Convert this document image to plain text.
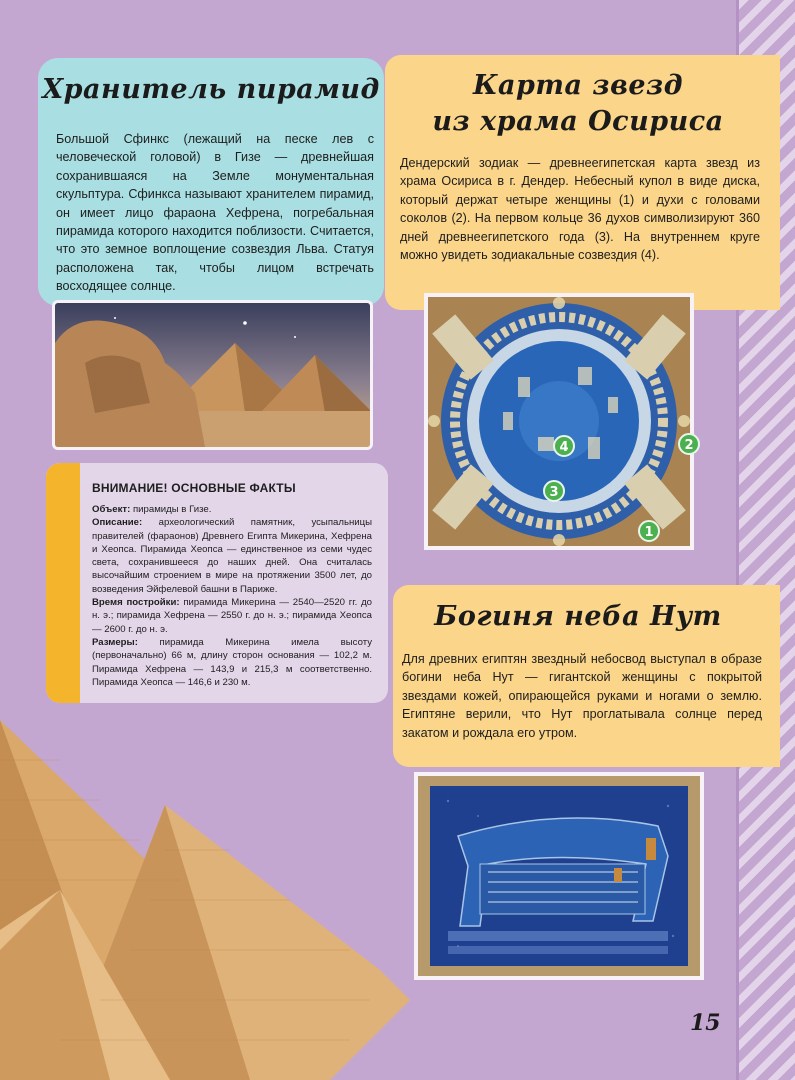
Хранитель пирамид
Большой Сфинкс (лежащий на песке лев с человеческой головой) в Гизе — древнейшая сохранившаяся на Земле монументальная скульптура. Сфинкса называют хранителем пирамид, он имеет лицо фараона Хефрена, погребальная пирамида которого находится поблизости. Считается, что это земное воплощение созвездия Льва. Статуя расположена так, чтобы лицом встречать восходящее солнце.
ВНИМАНИЕ! ОСНОВНЫЕ ФАКТЫ
Объект: пирамиды в Гизе.
Описание: археологический памятник, усыпальницы правителей (фараонов) Древнего Египта Микерина, Хефрена и Хеопса. Пирамида Хеопса — единственное из семи чудес света, сохранившееся до наших дней. Она считалась высочайшим строением в мире на протяжении 3500 лет, до возведения Эйфелевой башни в Париже.
Время постройки: пирамида Микерина — 2540—2520 гг. до н. э.; пирамида Хефрена — 2550 г. до н. э.; пирамида Хеопса — 2600 г. до н. э.
Размеры: пирамида Микерина имела высоту (первоначально) 66 м, длину сторон основания — 102,2 м. Пирамида Хефрена — 143,9 и 215,3 м соответственно. Пирамида Хеопса — 146,6 и 230 м.
Карта звезд
из храма Осириса
Дендерский зодиак — древнеегипетская карта звезд из храма Осириса в г. Дендер. Небесный купол в виде диска, который держат четыре женщины (1) и духи с головами соколов (2). На первом кольце 36 духов символизируют 360 дней древнеегипетского года (3). На внутреннем круге можно увидеть зодиакальные созвездия (4).
4	2
3
1
Богиня неба Нут
Для древних египтян звездный небосвод выступал в образе богини неба Нут — гигантской женщины с покрытой звездами кожей, опирающейся руками и ногами о землю. Египтяне верили, что Нут проглатывала солнце перед закатом и рождала его утром.
15
